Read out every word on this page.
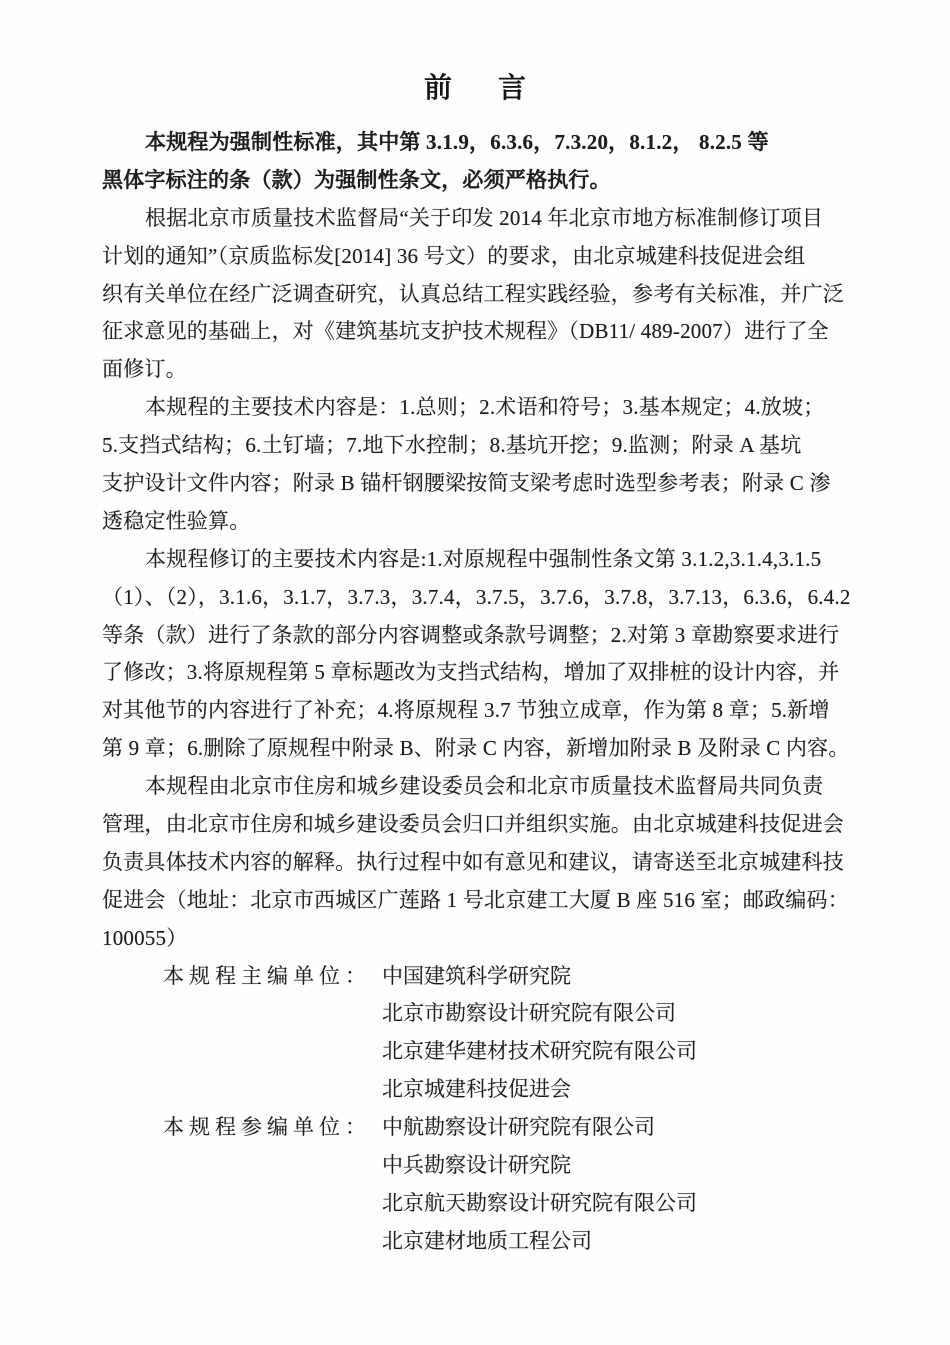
前　言
本规程为强制性标准，其中第 3.1.9，6.3.6，7.3.20，8.1.2， 8.2.5 等
黑体字标注的条（款）为强制性条文，必须严格执行。
根据北京市质量技术监督局“关于印发 2014 年北京市地方标准制修订项目
计划的通知”（京质监标发[2014] 36 号文）的要求，由北京城建科技促进会组
织有关单位在经广泛调查研究，认真总结工程实践经验，参考有关标准，并广泛
征求意见的基础上，对《建筑基坑支护技术规程》（DB11/ 489-2007）进行了全
面修订。
本规程的主要技术内容是：1.总则；2.术语和符号；3.基本规定；4.放坡；
5.支挡式结构；6.土钉墙；7.地下水控制；8.基坑开挖；9.监测；附录 A 基坑
支护设计文件内容；附录 B 锚杆钢腰梁按简支梁考虑时选型参考表；附录 C 渗
透稳定性验算。
本规程修订的主要技术内容是:1.对原规程中强制性条文第 3.1.2,3.1.4,3.1.5
（1）、（2），3.1.6，3.1.7，3.7.3，3.7.4，3.7.5，3.7.6，3.7.8，3.7.13，6.3.6，6.4.2
等条（款）进行了条款的部分内容调整或条款号调整；2.对第 3 章勘察要求进行
了修改；3.将原规程第 5 章标题改为支挡式结构，增加了双排桩的设计内容，并
对其他节的内容进行了补充；4.将原规程 3.7 节独立成章，作为第 8 章；5.新增
第 9 章；6.删除了原规程中附录 B、附录 C 内容，新增加附录 B 及附录 C 内容。
本规程由北京市住房和城乡建设委员会和北京市质量技术监督局共同负责
管理，由北京市住房和城乡建设委员会归口并组织实施。由北京城建科技促进会
负责具体技术内容的解释。执行过程中如有意见和建议，请寄送至北京城建科技
促进会（地址：北京市西城区广莲路 1 号北京建工大厦 B 座 516 室；邮政编码：
100055）
本规程主编单位： 中国建筑科学研究院
北京市勘察设计研究院有限公司
北京建华建材技术研究院有限公司
北京城建科技促进会
本规程参编单位： 中航勘察设计研究院有限公司
中兵勘察设计研究院
北京航天勘察设计研究院有限公司
北京建材地质工程公司
